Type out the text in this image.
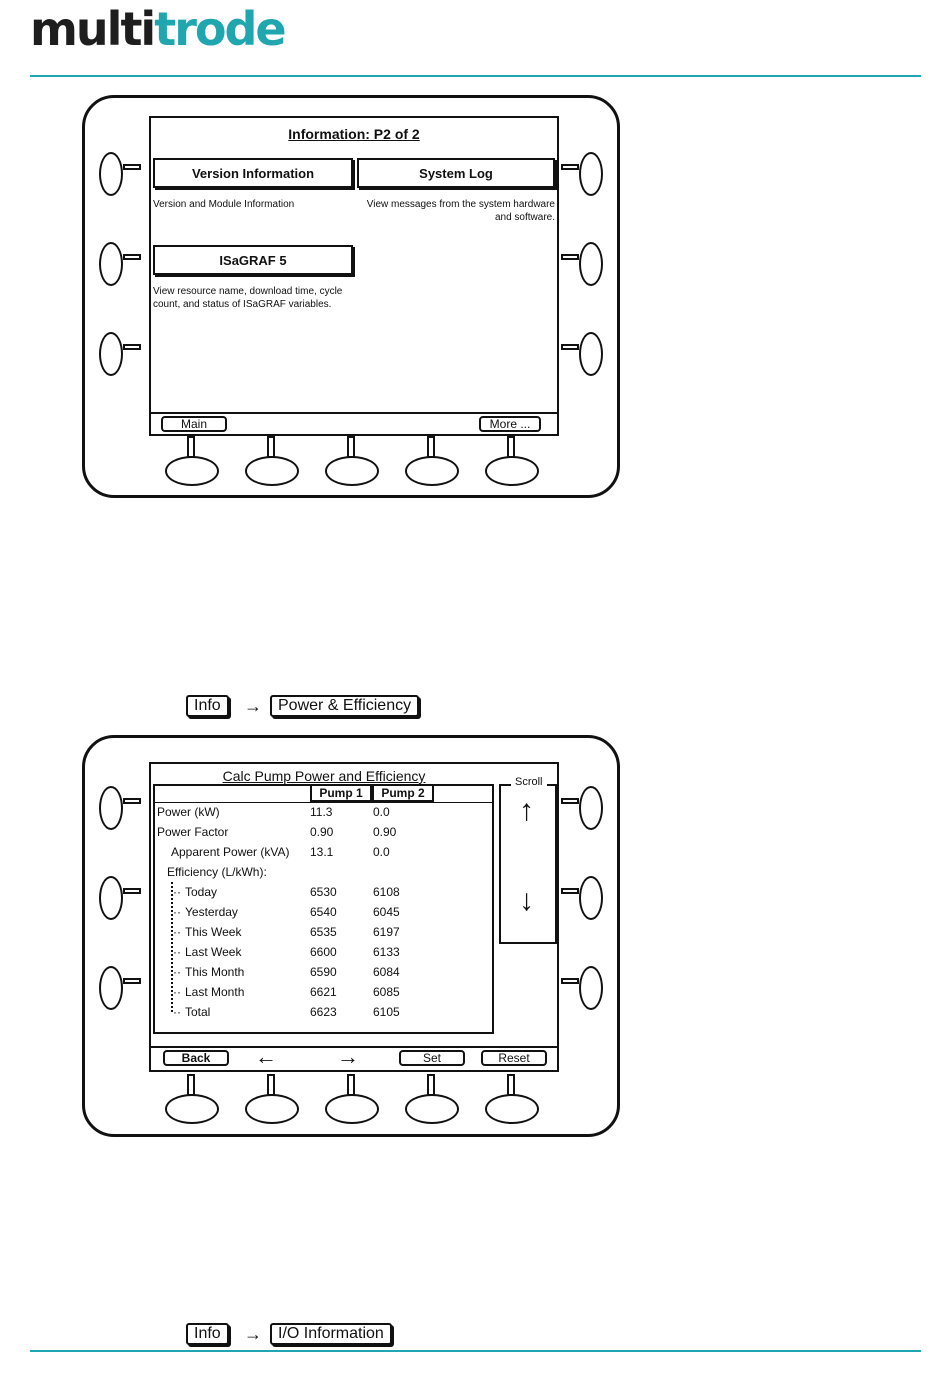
multitrode
Information: P2 of 2
Version Information	System Log
Version and Module Information	View messages from the system hardware and software.
ISaGRAF 5
View resource name, download time, cycle count, and status of ISaGRAF variables.
Main	More ...
Info	→	Power & Efficiency
Calc Pump Power and Efficiency
Pump 1	Pump 2
Power (kW)	11.3	0.0
Power Factor	0.90	0.90
Apparent Power (kVA) 13.1	0.0
Efficiency (L/kWh):
·· Today	6530	6108
·· Yesterday	6540	6045
·· This Week	6535	6197
·· Last Week	6600	6133
·· This Month	6590	6084
·· Last Month	6621	6085
·· Total	6623	6105
Scroll
↑
↓
Back	←	→	Set	Reset
Info	→	I/O Information
